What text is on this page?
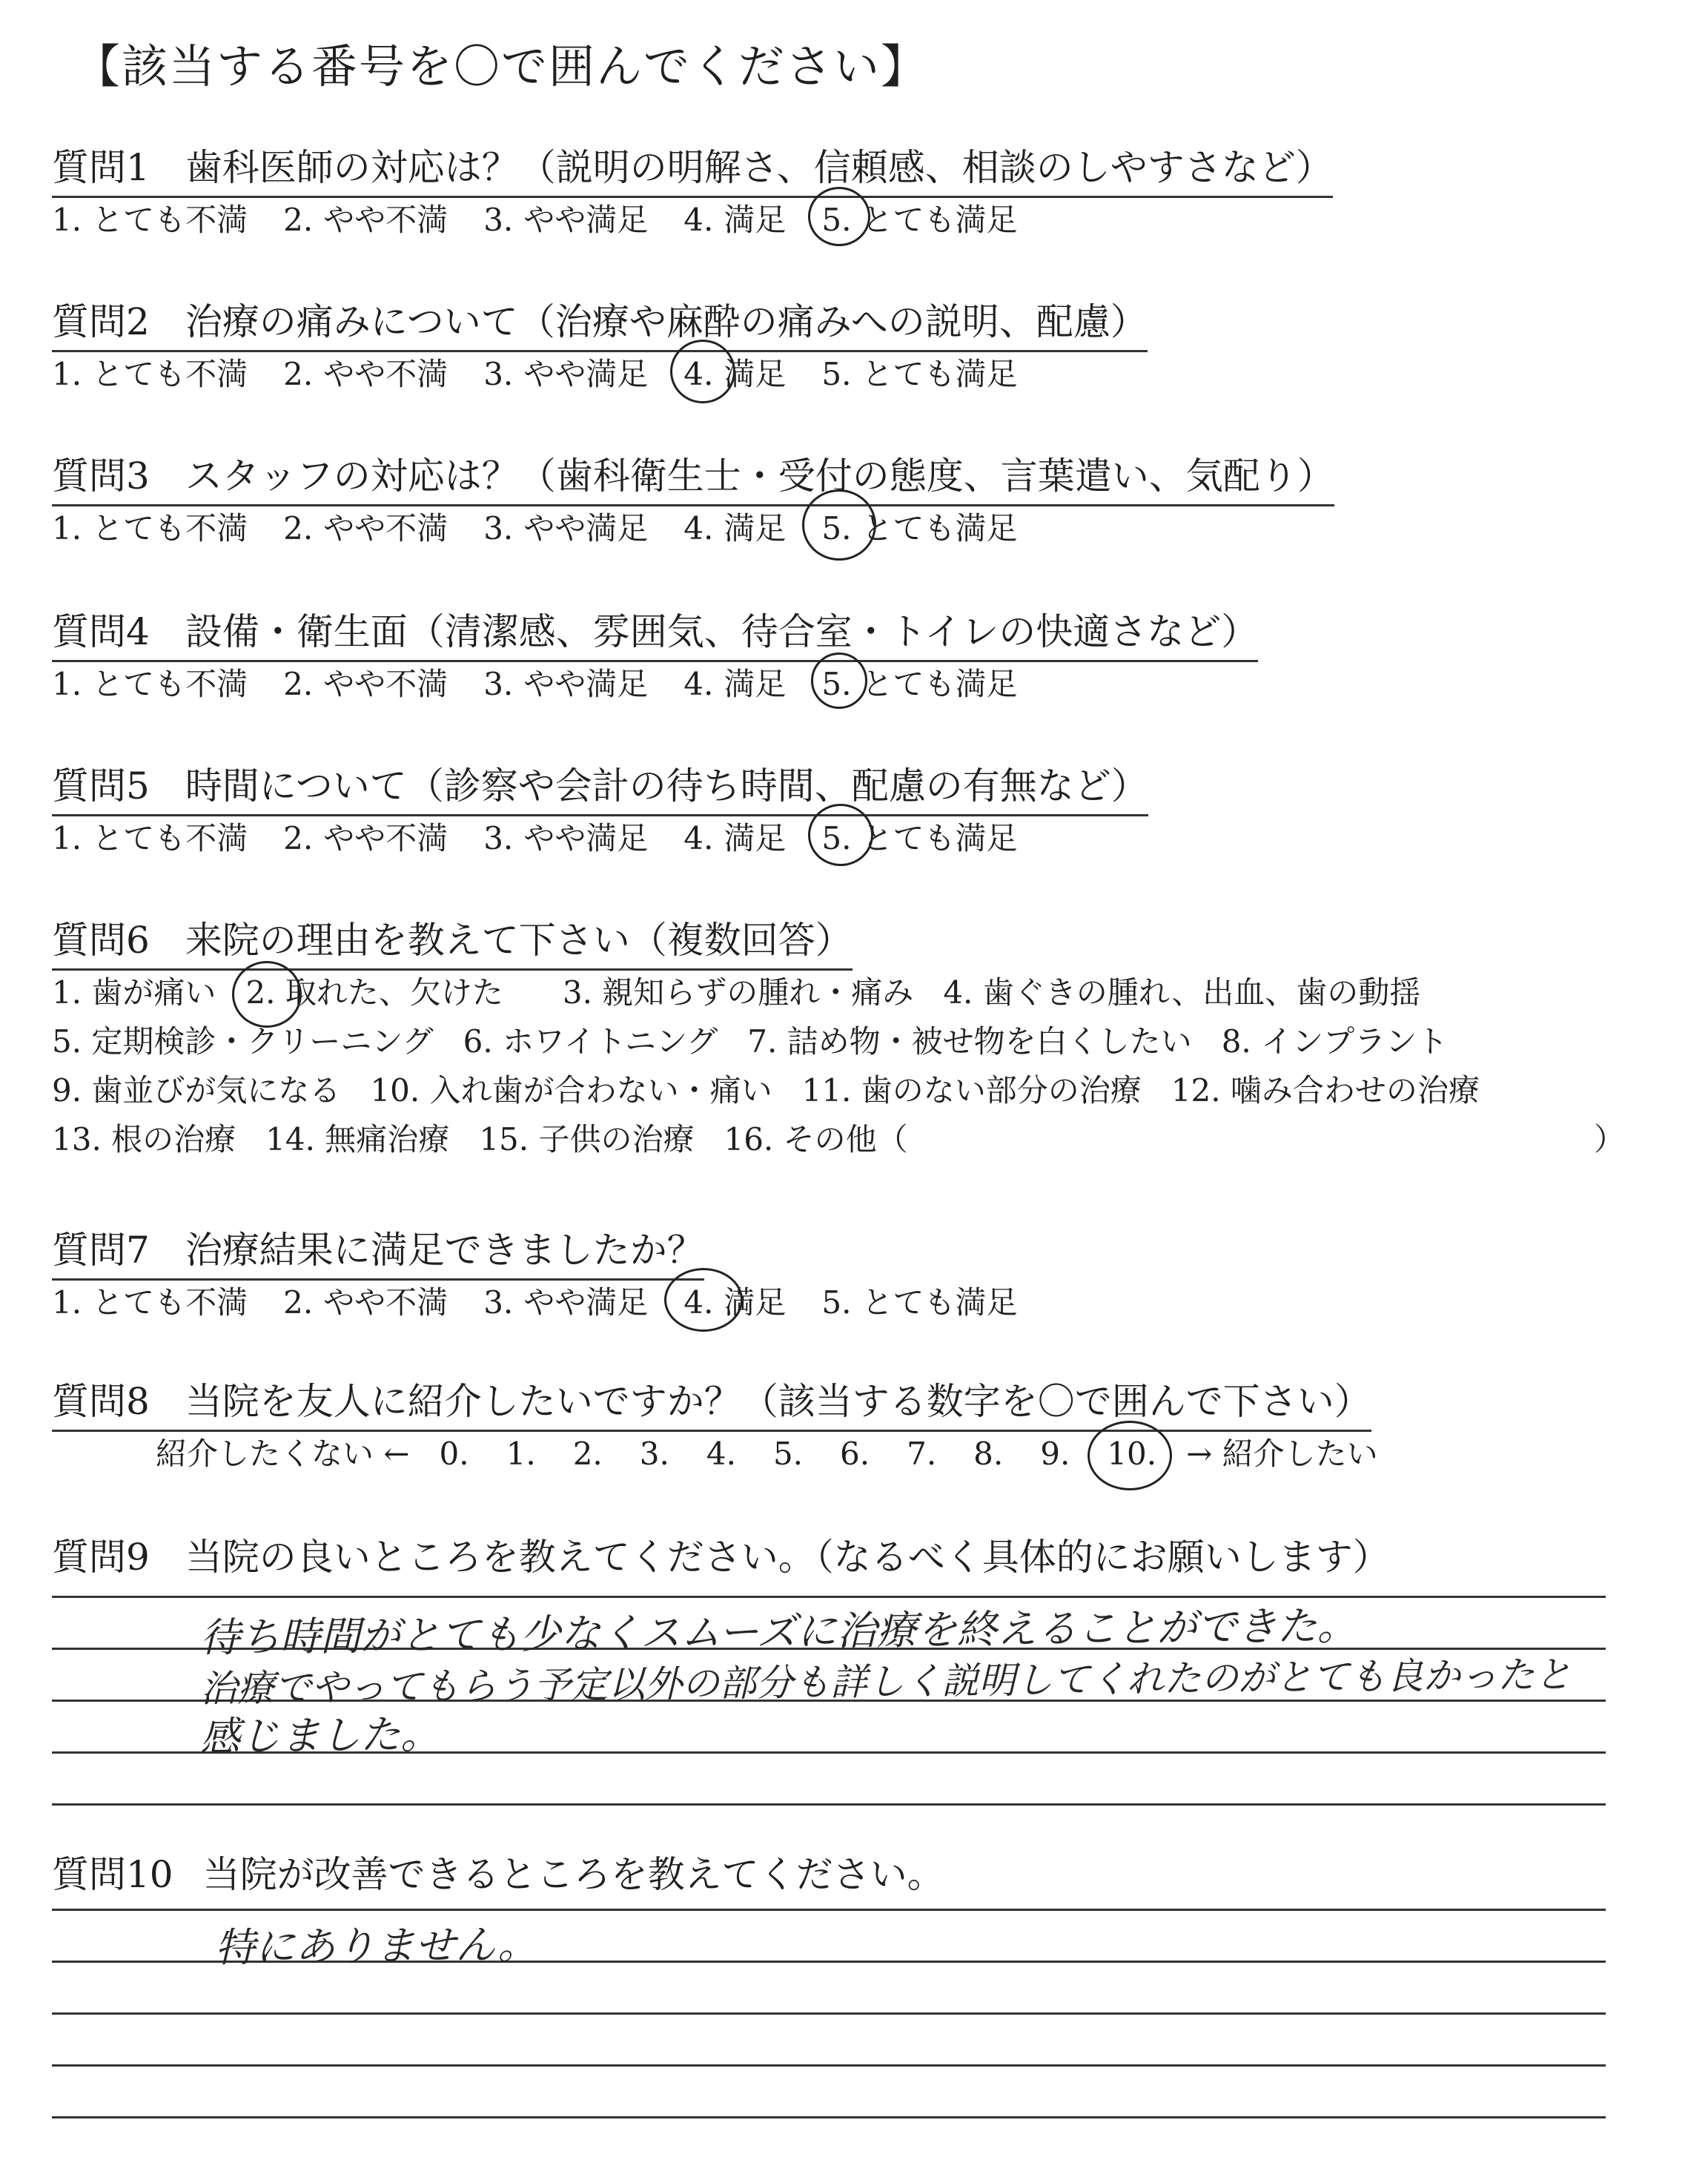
【該当する番号を〇で囲んでください】
質問1 歯科医師の対応は？（説明の明解さ、信頼感、相談のしやすさなど）
1. とても不満 2. やや不満 3. やや満足 4. 満足 5. とても満足
質問2 治療の痛みについて（治療や麻酔の痛みへの説明、配慮）
1. とても不満 2. やや不満 3. やや満足 4. 満足 5. とても満足
質問3 スタッフの対応は？（歯科衛生士・受付の態度、言葉遣い、気配り）
1. とても不満 2. やや不満 3. やや満足 4. 満足 5. とても満足
質問4 設備・衛生面（清潔感、雰囲気、待合室・トイレの快適さなど）
1. とても不満 2. やや不満 3. やや満足 4. 満足 5. とても満足
質問5 時間について（診察や会計の待ち時間、配慮の有無など）
1. とても不満 2. やや不満 3. やや満足 4. 満足 5. とても満足
質問6 来院の理由を教えて下さい（複数回答）
1. 歯が痛い 2. 取れた、欠けた 3. 親知らずの腫れ・痛み 4. 歯ぐきの腫れ、出血、歯の動揺
5. 定期検診・クリーニング 6. ホワイトニング 7. 詰め物・被せ物を白くしたい 8. インプラント
9. 歯並びが気になる 10. 入れ歯が合わない・痛い 11. 歯のない部分の治療 12. 噛み合わせの治療
13. 根の治療 14. 無痛治療 15. 子供の治療 16. その他（	）
質問7 治療結果に満足できましたか？
1. とても不満 2. やや不満 3. やや満足 4. 満足 5. とても満足
質問8 当院を友人に紹介したいですか？（該当する数字を〇で囲んで下さい）
紹介したくない ← 0. 1. 2. 3. 4. 5. 6. 7. 8. 9. 10. → 紹介したい
質問9 当院の良いところを教えてください。（なるべく具体的にお願いします）
待ち時間がとても少なくスムーズに治療を終えることができた。
治療でやってもらう予定以外の部分も詳しく説明してくれたのがとても良かったと
感じました。
質問10 当院が改善できるところを教えてください。
特にありません。
